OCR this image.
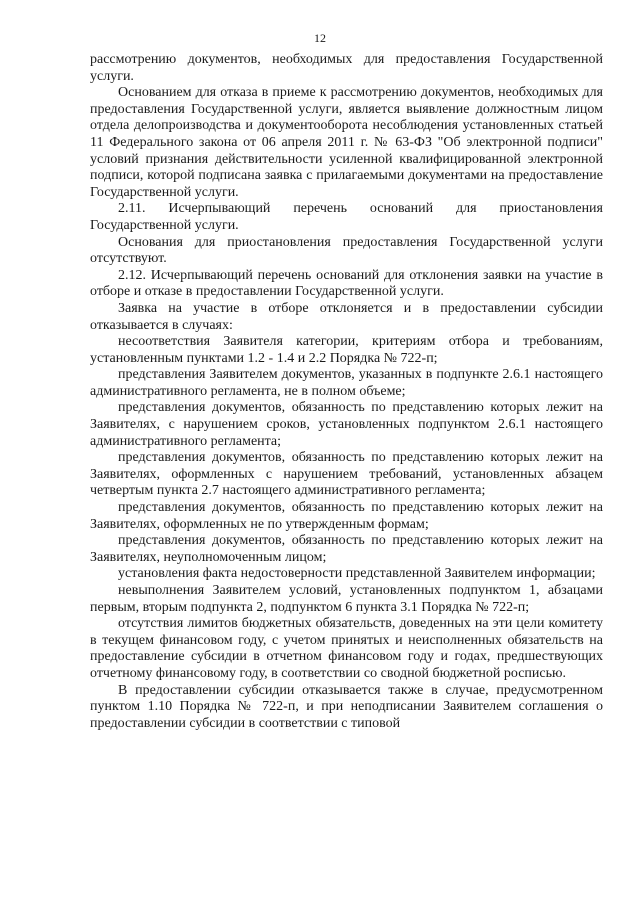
12

рассмотрению документов, необходимых для предоставления Государственной услуги.

Основанием для отказа в приеме к рассмотрению документов, необходимых для предоставления Государственной услуги, является выявление должностным лицом отдела делопроизводства и документооборота несоблюдения установленных статьей 11 Федерального закона от 06 апреля 2011 г. № 63-ФЗ "Об электронной подписи" условий признания действительности усиленной квалифицированной электронной подписи, которой подписана заявка с прилагаемыми документами на предоставление Государственной услуги.

2.11. Исчерпывающий перечень оснований для приостановления Государственной услуги.

Основания для приостановления предоставления Государственной услуги отсутствуют.

2.12. Исчерпывающий перечень оснований для отклонения заявки на участие в отборе и отказе в предоставлении Государственной услуги.

Заявка на участие в отборе отклоняется и в предоставлении субсидии отказывается в случаях:

несоответствия Заявителя категории, критериям отбора и требованиям, установленным пунктами 1.2 - 1.4 и 2.2 Порядка № 722-п;

представления Заявителем документов, указанных в подпункте 2.6.1 настоящего административного регламента, не в полном объеме;

представления документов, обязанность по представлению которых лежит на Заявителях, с нарушением сроков, установленных подпунктом 2.6.1 настоящего административного регламента;

представления документов, обязанность по представлению которых лежит на Заявителях, оформленных с нарушением требований, установленных абзацем четвертым пункта 2.7 настоящего административного регламента;

представления документов, обязанность по представлению которых лежит на Заявителях, оформленных не по утвержденным формам;

представления документов, обязанность по представлению которых лежит на Заявителях, неуполномоченным лицом;

установления факта недостоверности представленной Заявителем информации;

невыполнения Заявителем условий, установленных подпунктом 1, абзацами первым, вторым подпункта 2, подпунктом 6 пункта 3.1 Порядка № 722-п;

отсутствия лимитов бюджетных обязательств, доведенных на эти цели комитету в текущем финансовом году, с учетом принятых и неисполненных обязательств на предоставление субсидии в отчетном финансовом году и годах, предшествующих отчетному финансовому году, в соответствии со сводной бюджетной росписью.

В предоставлении субсидии отказывается также в случае, предусмотренном пунктом 1.10 Порядка № 722-п, и при неподписании Заявителем соглашения о предоставлении субсидии в соответствии с типовой
